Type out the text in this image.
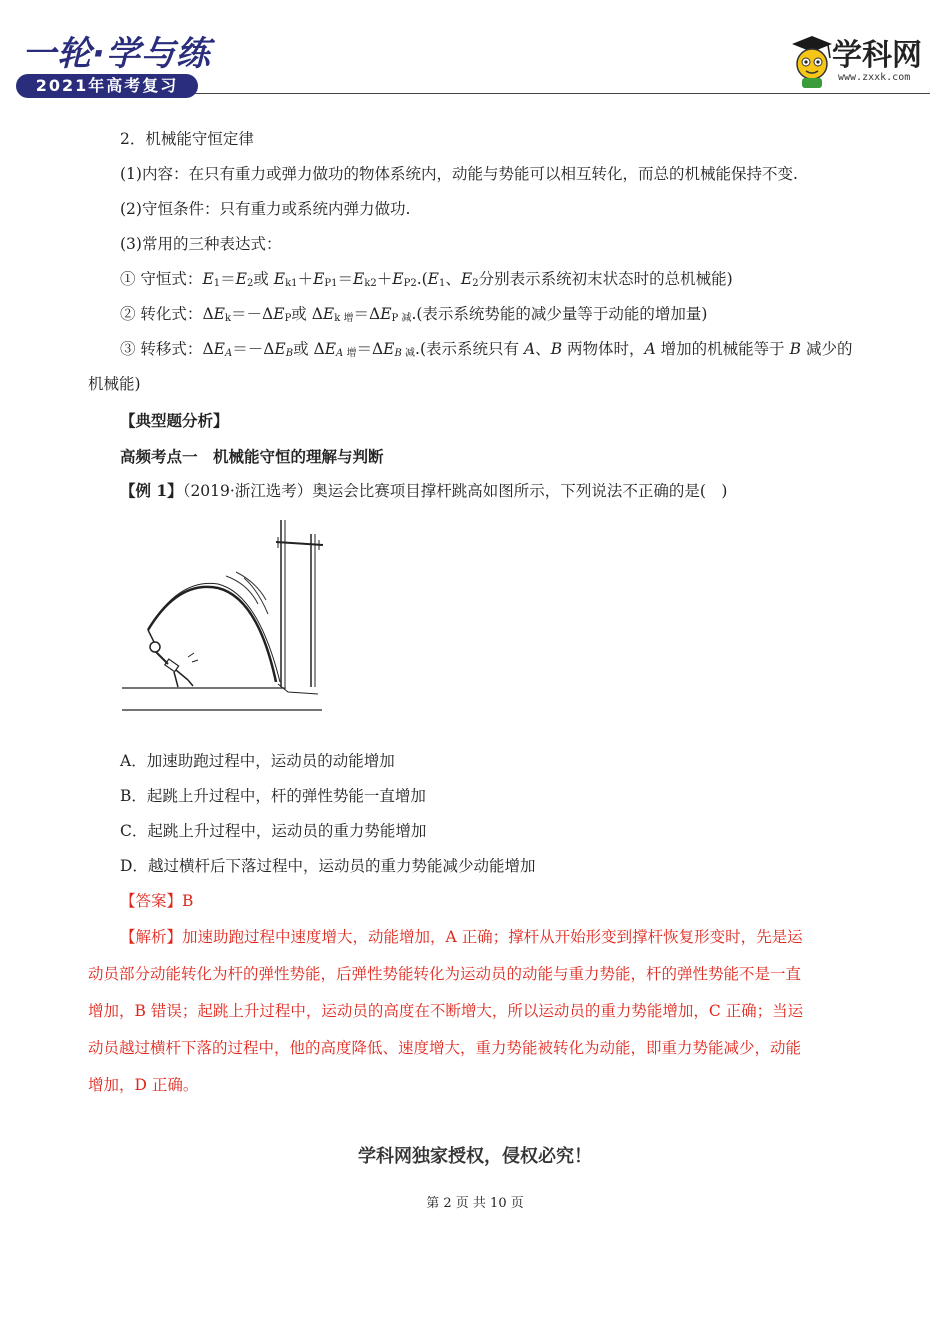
一轮·学与练
2021年高考复习
学科网
www.zxxk.com
2．机械能守恒定律
(1)内容：在只有重力或弹力做功的物体系统内，动能与势能可以相互转化，而总的机械能保持不变.
(2)守恒条件：只有重力或系统内弹力做功.
(3)常用的三种表达式：
① 守恒式：$E_1=E_2$或 $E_{k1}+E_{P1}=E_{k2}+E_{P2}.(E_1$、$E_2$分别表示系统初末状态时的总机械能)
② 转化式：$\Delta E_k=-\Delta E_P$或 $\Delta E_{k 增}=\Delta E_{P 减}$.(表示系统势能的减少量等于动能的增加量)
③ 转移式：$\Delta E_A=-\Delta E_B$或 $\Delta E_A$ $_增=\Delta E_B$ $_减$.(表示系统只有 A、B 两物体时，A 增加的机械能等于 B 减少的
机械能)
【典型题分析】
高频考点一　机械能守恒的理解与判断
【例 1】（2019·浙江选考）奥运会比赛项目撑杆跳高如图所示，下列说法不正确的是(　)
A．加速助跑过程中，运动员的动能增加
B．起跳上升过程中，杆的弹性势能一直增加
C．起跳上升过程中，运动员的重力势能增加
D．越过横杆后下落过程中，运动员的重力势能减少动能增加
【答案】B
【解析】加速助跑过程中速度增大，动能增加，A 正确；撑杆从开始形变到撑杆恢复形变时，先是运
动员部分动能转化为杆的弹性势能，后弹性势能转化为运动员的动能与重力势能，杆的弹性势能不是一直
增加，B 错误；起跳上升过程中，运动员的高度在不断增大，所以运动员的重力势能增加，C 正确；当运
动员越过横杆下落的过程中，他的高度降低、速度增大，重力势能被转化为动能，即重力势能减少，动能
增加，D 正确。
学科网独家授权，侵权必究！
第 2 页 共 10 页
